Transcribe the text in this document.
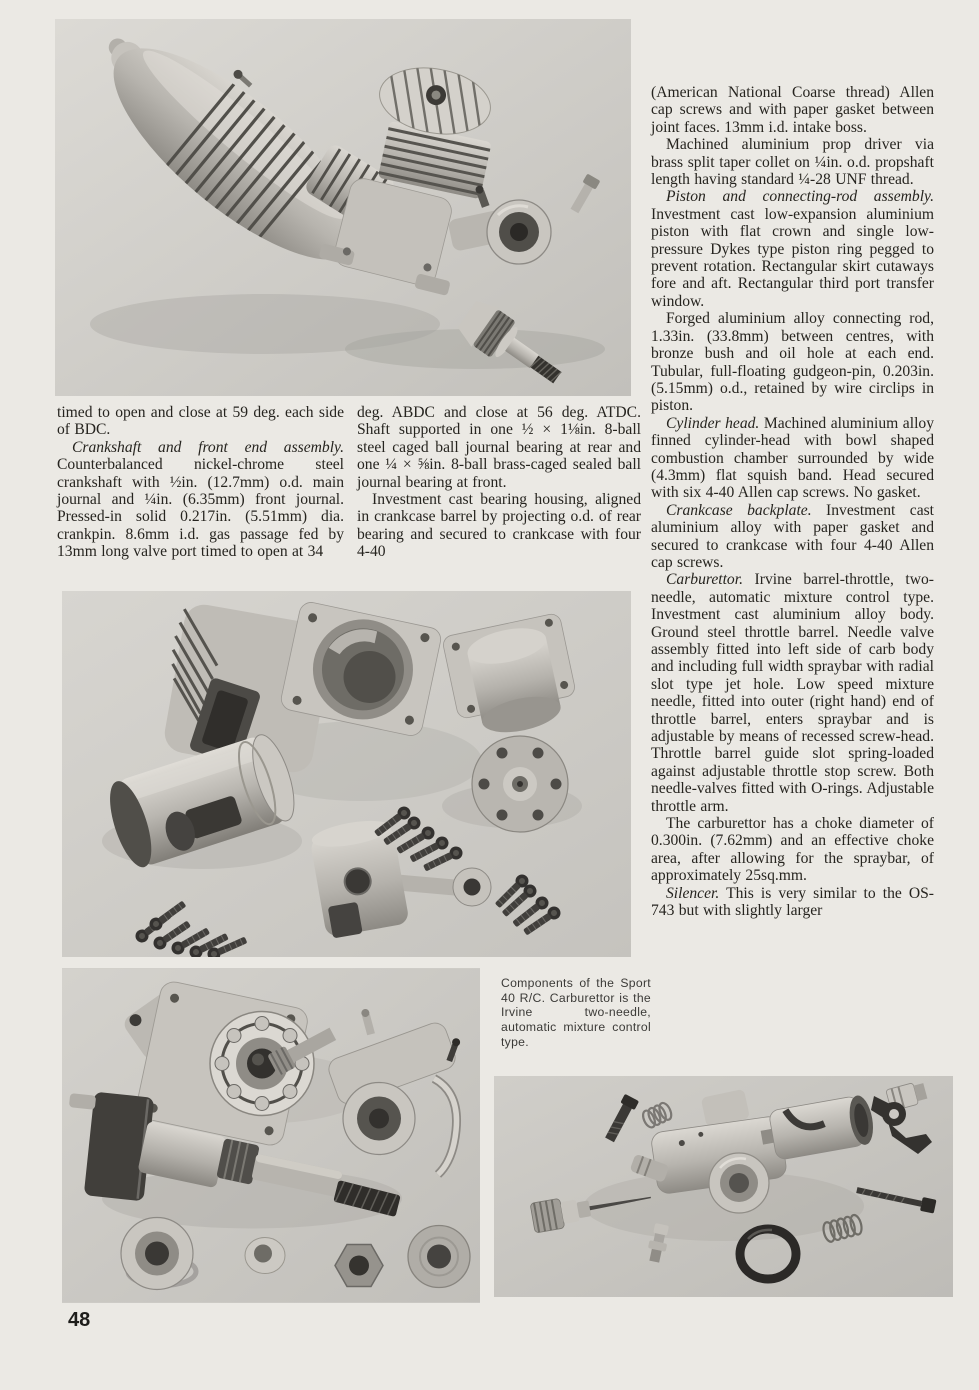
timed to open and close at 59 deg. each side of BDC.

Crankshaft and front end assembly. Counterbalanced nickel-chrome steel crankshaft with ½in. (12.7mm) o.d. main journal and ¼in. (6.35mm) front journal. Pressed-in solid 0.217in. (5.51mm) dia. crankpin. 8.6mm i.d. gas passage fed by 13mm long valve port timed to open at 34

deg. ABDC and close at 56 deg. ATDC. Shaft supported in one ½ × 1⅛in. 8-ball steel caged ball journal bearing at rear and one ¼ × ⅝in. 8-ball brass-caged sealed ball journal bearing at front.

Investment cast bearing housing, aligned in crankcase barrel by projecting o.d. of rear bearing and secured to crankcase with four 4-40

(American National Coarse thread) Allen cap screws and with paper gasket between joint faces. 13mm i.d. intake boss.

Machined aluminium prop driver via brass split taper collet on ¼in. o.d. propshaft length having standard ¼-28 UNF thread.

Piston and connecting-rod assembly. Investment cast low-expansion aluminium piston with flat crown and single low-pressure Dykes type piston ring pegged to prevent rotation. Rectangular skirt cutaways fore and aft. Rectangular third port transfer window.

Forged aluminium alloy connecting rod, 1.33in. (33.8mm) between centres, with bronze bush and oil hole at each end. Tubular, full-floating gudgeon-pin, 0.203in. (5.15mm) o.d., retained by wire circlips in piston.

Cylinder head. Machined aluminium alloy finned cylinder-head with bowl shaped combustion chamber surrounded by wide (4.3mm) flat squish band. Head secured with six 4-40 Allen cap screws. No gasket.

Crankcase backplate. Investment cast aluminium alloy with paper gasket and secured to crankcase with four 4-40 Allen cap screws.

Carburettor. Irvine barrel-throttle, two-needle, automatic mixture control type. Investment cast aluminium alloy body. Ground steel throttle barrel. Needle valve assembly fitted into left side of carb body and including full width spraybar with radial slot type jet hole. Low speed mixture needle, fitted into outer (right hand) end of throttle barrel, enters spraybar and is adjustable by means of recessed screw-head. Throttle barrel guide slot spring-loaded against adjustable throttle stop screw. Both needle-valves fitted with O-rings. Adjustable throttle arm.

The carburettor has a choke diameter of 0.300in. (7.62mm) and an effective choke area, after allowing for the spraybar, of approximately 25sq.mm.

Silencer. This is very similar to the OS-743 but with slightly larger

Components of the Sport 40 R/C. Carburettor is the Irvine two-needle, automatic mixture control type.
48
